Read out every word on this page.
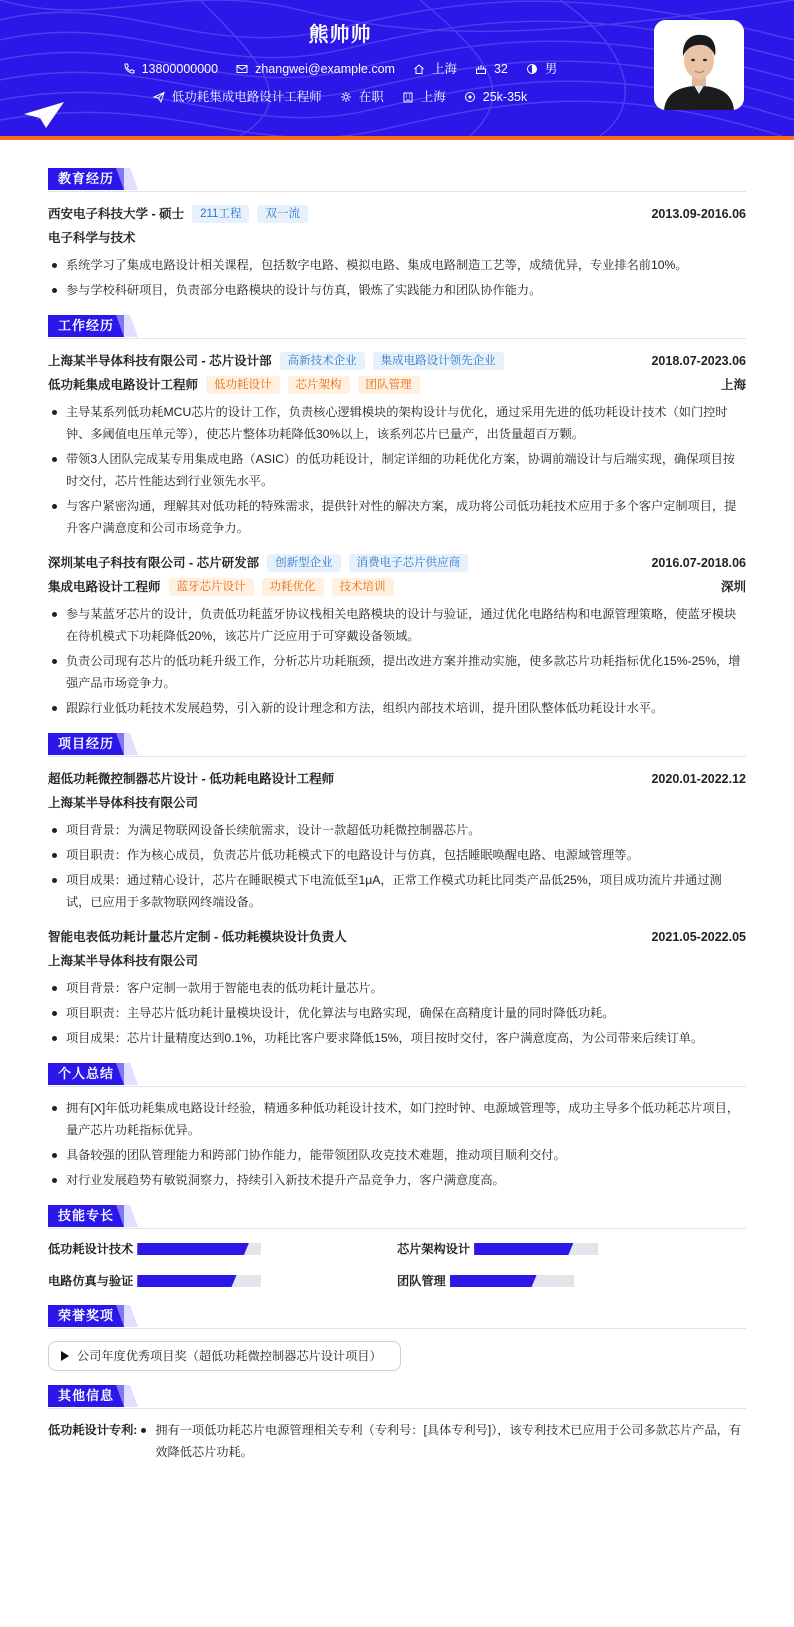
熊帅帅
13800000000	zhangwei@example.com	上海	32	男
低功耗集成电路设计工程师	在职	上海	25k-35k
教育经历
西安电子科技大学 - 硕士	211工程	双一流	2013.09-2016.06
电子科学与技术
系统学习了集成电路设计相关课程，包括数字电路、模拟电路、集成电路制造工艺等，成绩优异，专业排名前10%。
参与学校科研项目，负责部分电路模块的设计与仿真，锻炼了实践能力和团队协作能力。
工作经历
上海某半导体科技有限公司 - 芯片设计部	高新技术企业	集成电路设计领先企业	2018.07-2023.06
低功耗集成电路设计工程师	低功耗设计	芯片架构	团队管理	上海
主导某系列低功耗MCU芯片的设计工作，负责核心逻辑模块的架构设计与优化，通过采用先进的低功耗设计技术（如门控时钟、多阈值电压单元等），使芯片整体功耗降低30%以上，该系列芯片已量产，出货量超百万颗。
带领3人团队完成某专用集成电路（ASIC）的低功耗设计，制定详细的功耗优化方案，协调前端设计与后端实现，确保项目按时交付，芯片性能达到行业领先水平。
与客户紧密沟通，理解其对低功耗的特殊需求，提供针对性的解决方案，成功将公司低功耗技术应用于多个客户定制项目，提升客户满意度和公司市场竞争力。
深圳某电子科技有限公司 - 芯片研发部	创新型企业	消费电子芯片供应商	2016.07-2018.06
集成电路设计工程师	蓝牙芯片设计	功耗优化	技术培训	深圳
参与某蓝牙芯片的设计，负责低功耗蓝牙协议栈相关电路模块的设计与验证，通过优化电路结构和电源管理策略，使蓝牙模块在待机模式下功耗降低20%，该芯片广泛应用于可穿戴设备领域。
负责公司现有芯片的低功耗升级工作，分析芯片功耗瓶颈，提出改进方案并推动实施，使多款芯片功耗指标优化15%-25%，增强产品市场竞争力。
跟踪行业低功耗技术发展趋势，引入新的设计理念和方法，组织内部技术培训，提升团队整体低功耗设计水平。
项目经历
超低功耗微控制器芯片设计 - 低功耗电路设计工程师	2020.01-2022.12
上海某半导体科技有限公司
项目背景：为满足物联网设备长续航需求，设计一款超低功耗微控制器芯片。
项目职责：作为核心成员，负责芯片低功耗模式下的电路设计与仿真，包括睡眠唤醒电路、电源域管理等。
项目成果：通过精心设计，芯片在睡眠模式下电流低至1μA，正常工作模式功耗比同类产品低25%，项目成功流片并通过测试，已应用于多款物联网终端设备。
智能电表低功耗计量芯片定制 - 低功耗模块设计负责人	2021.05-2022.05
上海某半导体科技有限公司
项目背景：客户定制一款用于智能电表的低功耗计量芯片。
项目职责：主导芯片低功耗计量模块设计，优化算法与电路实现，确保在高精度计量的同时降低功耗。
项目成果：芯片计量精度达到0.1%，功耗比客户要求降低15%，项目按时交付，客户满意度高，为公司带来后续订单。
个人总结
拥有[X]年低功耗集成电路设计经验，精通多种低功耗设计技术，如门控时钟、电源域管理等，成功主导多个低功耗芯片项目，量产芯片功耗指标优异。
具备较强的团队管理能力和跨部门协作能力，能带领团队攻克技术难题，推动项目顺利交付。
对行业发展趋势有敏锐洞察力，持续引入新技术提升产品竞争力，客户满意度高。
技能专长
低功耗设计技术	芯片架构设计
电路仿真与验证	团队管理
荣誉奖项
公司年度优秀项目奖（超低功耗微控制器芯片设计项目）
其他信息
低功耗设计专利:	拥有一项低功耗芯片电源管理相关专利（专利号：[具体专利号]），该专利技术已应用于公司多款芯片产品，有效降低芯片功耗。
